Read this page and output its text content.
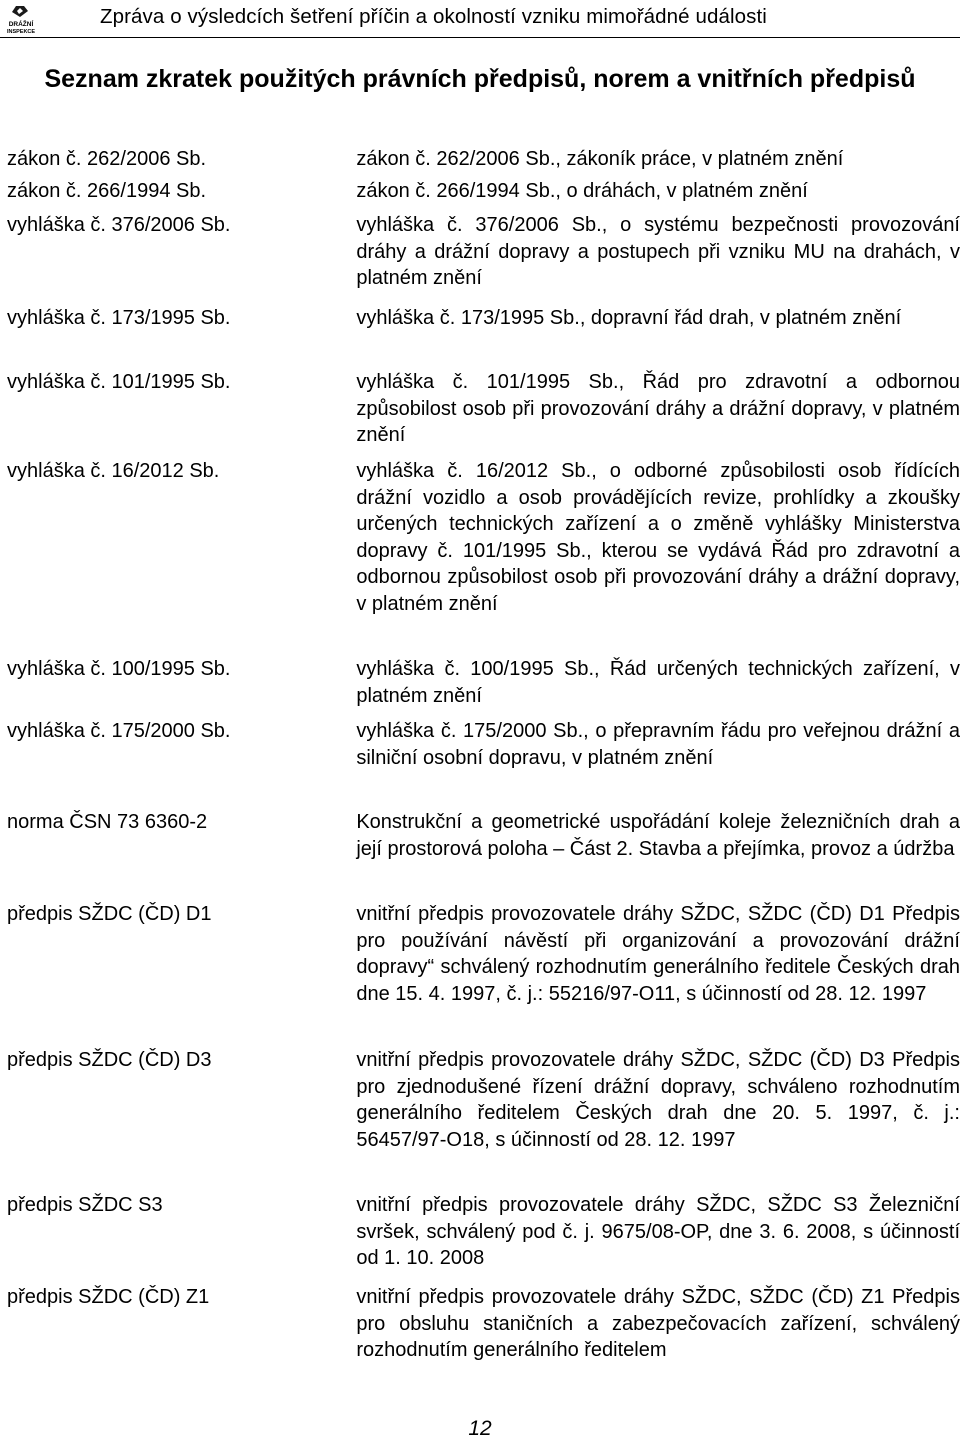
DRÁŽNÍ
INSPEKCE
Zpráva o výsledcích šetření příčin a okolností vzniku mimořádné události
Seznam zkratek použitých právních předpisů, norem a vnitřních předpisů
zákon č. 262/2006 Sb.	zákon č. 262/2006 Sb., zákoník práce, v platném znění
zákon č. 266/1994 Sb.	zákon č. 266/1994 Sb., o dráhách, v platném znění
vyhláška č. 376/2006 Sb.	vyhláška č. 376/2006 Sb., o systému bezpečnosti provozování dráhy a drážní dopravy a postupech při vzniku MU na drahách, v platném znění
vyhláška č. 173/1995 Sb.	vyhláška č. 173/1995 Sb., dopravní řád drah, v platném znění
vyhláška č. 101/1995 Sb.	vyhláška č. 101/1995 Sb., Řád pro zdravotní a odbornou způsobilost osob při provozování dráhy a drážní dopravy, v platném znění
vyhláška č. 16/2012 Sb.	vyhláška č. 16/2012 Sb., o odborné způsobilosti osob řídících drážní vozidlo a osob provádějících revize, prohlídky a zkoušky určených technických zařízení a o změně vyhlášky Ministerstva dopravy č. 101/1995 Sb., kterou se vydává Řád pro zdravotní a odbornou způsobilost osob při provozování dráhy a drážní dopravy, v platném znění
vyhláška č. 100/1995 Sb.	vyhláška č. 100/1995 Sb., Řád určených technických zařízení, v platném znění
vyhláška č. 175/2000 Sb.	vyhláška č. 175/2000 Sb., o přepravním řádu pro veřejnou drážní a silniční osobní dopravu, v platném znění
norma ČSN 73 6360-2	Konstrukční a geometrické uspořádání koleje železničních drah a její prostorová poloha – Část 2. Stavba a přejímka, provoz a údržba
předpis SŽDC (ČD) D1	vnitřní předpis provozovatele dráhy SŽDC, SŽDC (ČD) D1 Předpis pro používání návěstí při organizování a provozování drážní dopravy“ schválený rozhodnutím generálního ředitele Českých drah dne 15. 4. 1997, č. j.: 55216/97-O11, s účinností od 28. 12. 1997
předpis SŽDC (ČD) D3	vnitřní předpis provozovatele dráhy SŽDC, SŽDC (ČD) D3 Předpis pro zjednodušené řízení drážní dopravy, schváleno rozhodnutím generálního ředitelem Českých drah dne 20. 5. 1997, č. j.: 56457/97-O18, s účinností od 28. 12. 1997
předpis SŽDC S3	vnitřní předpis provozovatele dráhy SŽDC, SŽDC S3 Železniční svršek, schválený pod č. j. 9675/08-OP, dne 3. 6. 2008, s účinností od 1. 10. 2008
předpis SŽDC (ČD) Z1	vnitřní předpis provozovatele dráhy SŽDC, SŽDC (ČD) Z1 Předpis pro obsluhu staničních a zabezpečovacích zařízení, schválený rozhodnutím generálního ředitelem
12
